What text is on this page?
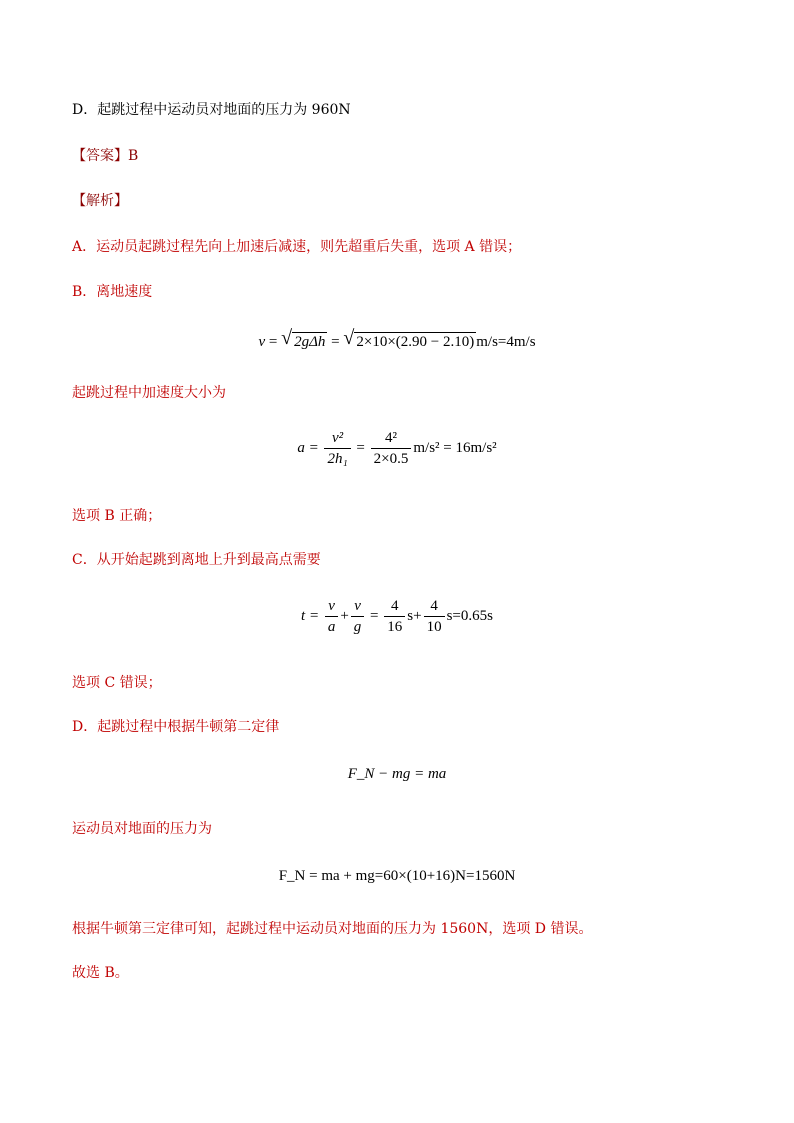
D．起跳过程中运动员对地面的压力为 960N
【答案】B
【解析】
A．运动员起跳过程先向上加速后减速，则先超重后失重，选项 A 错误；
B．离地速度
v = √ 2gΔh = √ 2×10×(2.90 − 2.10) m/s=4m/s
起跳过程中加速度大小为
$a = \frac{\text{v²}}{\text{2h₁}} = \frac{\text{4²}}{2\times 0.5} m/s^2 = 16m/s^2$
选项 B 正确；
C．从开始起跳到离地上升到最高点需要
$t = \frac{v}{a} + \frac{v}{g} = \frac{4}{16} s+ \frac{4}{10} s=0.65s$
选项 C 错误；
D．起跳过程中根据牛顿第二定律
F_N − mg = ma
运动员对地面的压力为
F_N = ma + mg=60×(10+16)N=1560N
根据牛顿第三定律可知，起跳过程中运动员对地面的压力为 1560N，选项 D 错误。
故选 B。
